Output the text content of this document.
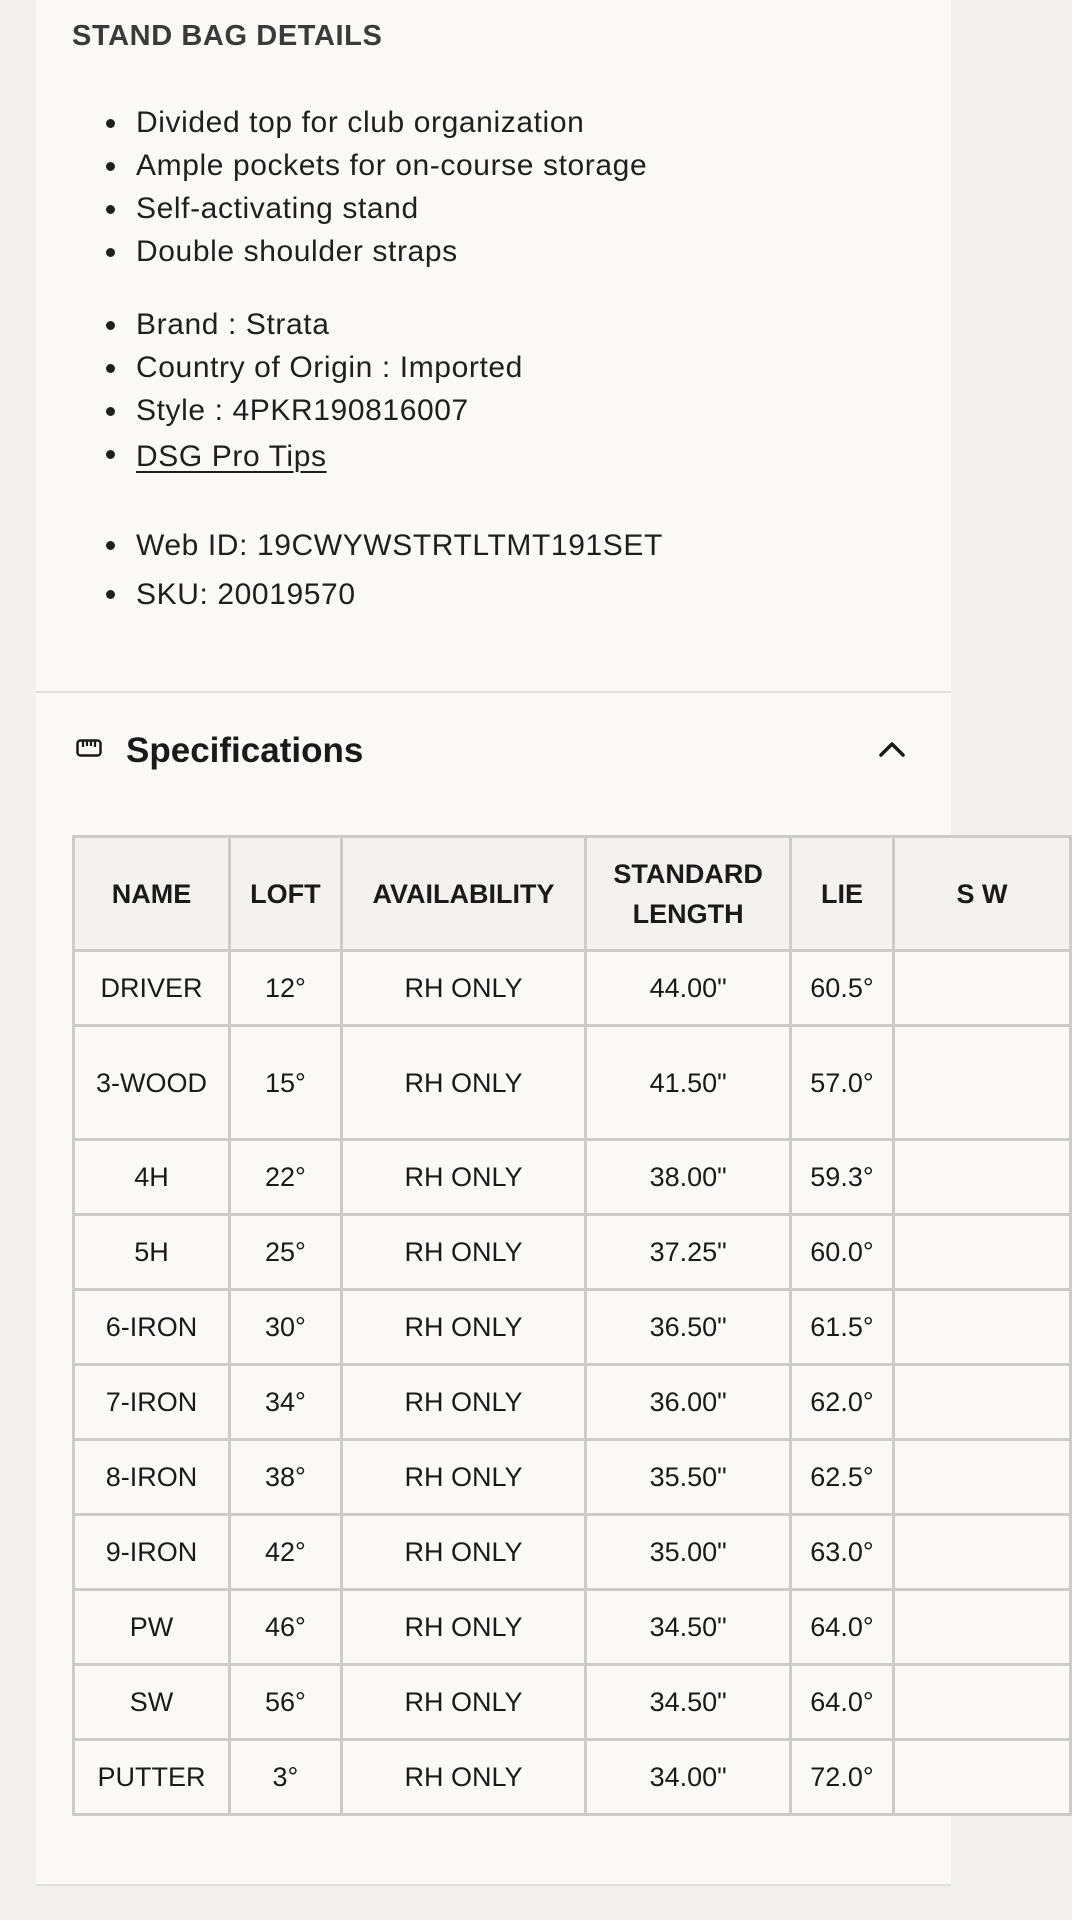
STAND BAG DETAILS
Divided top for club organization
Ample pockets for on-course storage
Self-activating stand
Double shoulder straps
Brand : Strata
Country of Origin : Imported
Style : 4PKR190816007
DSG Pro Tips
Web ID: 19CWYWSTRTLTMT191SET
SKU: 20019570
Specifications
NAME	LOFT	AVAILABILITY	STANDARD LENGTH	LIE	S W
DRIVER	12°	RH ONLY	44.00"	60.5°	
3-WOOD	15°	RH ONLY	41.50"	57.0°	
4H	22°	RH ONLY	38.00"	59.3°	
5H	25°	RH ONLY	37.25"	60.0°	
6-IRON	30°	RH ONLY	36.50"	61.5°	
7-IRON	34°	RH ONLY	36.00"	62.0°	
8-IRON	38°	RH ONLY	35.50"	62.5°	
9-IRON	42°	RH ONLY	35.00"	63.0°	
PW	46°	RH ONLY	34.50"	64.0°	
SW	56°	RH ONLY	34.50"	64.0°	
PUTTER	3°	RH ONLY	34.00"	72.0°	
